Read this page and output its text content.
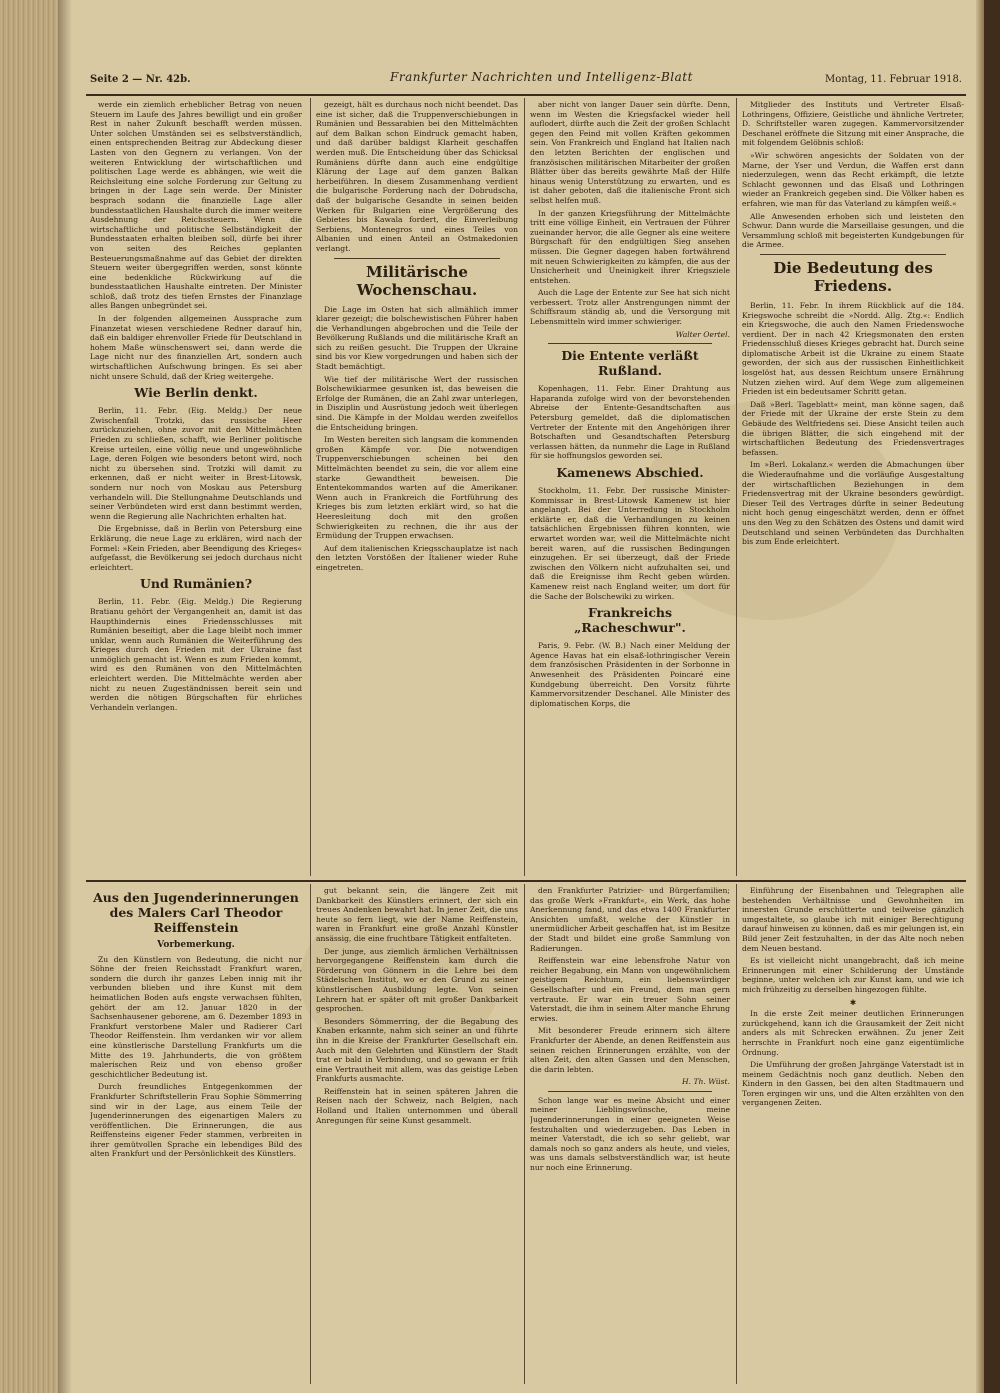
Seite 2 — Nr. 42b.	Frankfurter Nachrichten und Intelligenz-Blatt	Montag, 11. Februar 1918.

werde ein ziemlich erheblicher Betrag von neuen Steuern im Laufe des Jahres bewilligt und ein großer Rest in naher Zukunft beschafft werden müssen. Unter solchen Umständen sei es selbstverständlich, einen entsprechenden Beitrag zur Abdeckung dieser Lasten von den Gegnern zu verlangen. Von der weiteren Entwicklung der wirtschaftlichen und politischen Lage werde es abhängen, wie weit die Reichsleitung eine solche Forderung zur Geltung zu bringen in der Lage sein werde. Der Minister besprach sodann die finanzielle Lage aller bundesstaatlichen Haushalte durch die immer weitere Ausdehnung der Reichssteuern. Wenn die wirtschaftliche und politische Selbständigkeit der Bundesstaaten erhalten bleiben soll, dürfe bei ihrer von seiten des Reiches geplanten Besteuerungsmaßnahme auf das Gebiet der direkten Steuern weiter übergegriffen werden, sonst könnte eine bedenkliche Rückwirkung auf die bundesstaatlichen Haushalte eintreten. Der Minister schloß, daß trotz des tiefen Ernstes der Finanzlage alles Bangen unbegründet sei.

In der folgenden allgemeinen Aussprache zum Finanzetat wiesen verschiedene Redner darauf hin, daß ein baldiger ehrenvoller Friede für Deutschland in hohem Maße wünschenswert sei, dann werde die Lage nicht nur des finanziellen Art, sondern auch wirtschaftlichen Aufschwung bringen. Es sei aber nicht unsere Schuld, daß der Krieg weitergehe.

Wie Berlin denkt.

Berlin, 11. Febr. (Eig. Meldg.) Der neue Zwischenfall Trotzki, das russische Heer zurückzuziehen, ohne zuvor mit den Mittelmächten Frieden zu schließen, schafft, wie Berliner politische Kreise urteilen, eine völlig neue und ungewöhnliche Lage, deren Folgen wie besonders betont wird, noch nicht zu übersehen sind. Trotzki will damit zu erkennen, daß er nicht weiter in Brest-Litowsk, sondern nur noch von Moskau aus Petersburg verhandeln will. Die Stellungnahme Deutschlands und seiner Verbündeten wird erst dann bestimmt werden, wenn die Regierung alle Nachrichten erhalten hat.

Die Ergebnisse, daß in Berlin von Petersburg eine Erklärung, die neue Lage zu erklären, wird nach der Formel: »Kein Frieden, aber Beendigung des Krieges« aufgefasst, die Bevölkerung sei jedoch durchaus nicht erleichtert.

Und Rumänien?

Berlin, 11. Febr. (Eig. Meldg.) Die Regierung Bratianu gehört der Vergangenheit an, damit ist das Haupthindernis eines Friedensschlusses mit Rumänien beseitigt, aber die Lage bleibt noch immer unklar, wenn auch Rumänien die Weiterführung des Krieges durch den Frieden mit der Ukraine fast unmöglich gemacht ist. Wenn es zum Frieden kommt, wird es den Rumänen von den Mittelmächten erleichtert werden. Die Mittelmächte werden aber nicht zu neuen Zugeständnissen bereit sein und werden die nötigen Bürgschaften für ehrliches Verhandeln verlangen.

gezeigt, hält es durchaus noch nicht beendet. Das eine ist sicher, daß die Truppenverschiebungen in Rumänien und Bessarabien bei den Mittelmächten auf dem Balkan schon Eindruck gemacht haben, und daß darüber baldigst Klarheit geschaffen werden muß. Die Entscheidung über das Schicksal Rumäniens dürfte dann auch eine endgültige Klärung der Lage auf dem ganzen Balkan herbeiführen. In diesem Zusammenhang verdient die bulgarische Forderung nach der Dobrudscha, daß der bulgarische Gesandte in seinen beiden Werken für Bulgarien eine Vergrößerung des Gebietes bis Kawala fordert, die Einverleibung Serbiens, Montenegros und eines Teiles von Albanien und einen Anteil an Ostmakedonien verlangt.

Militärische Wochenschau.

Die Lage im Osten hat sich allmählich immer klarer gezeigt; die bolschewistischen Führer haben die Verhandlungen abgebrochen und die Teile der Bevölkerung Rußlands und die militärische Kraft an sich zu reißen gesucht. Die Truppen der Ukraine sind bis vor Kiew vorgedrungen und haben sich der Stadt bemächtigt.

Wie tief der militärische Wert der russischen Bolschewikiarmee gesunken ist, das beweisen die Erfolge der Rumänen, die an Zahl zwar unterlegen, in Disziplin und Ausrüstung jedoch weit überlegen sind. Die Kämpfe in der Moldau werden zweifellos die Entscheidung bringen.

Im Westen bereiten sich langsam die kommenden großen Kämpfe vor. Die notwendigen Truppenverschiebungen scheinen bei den Mittelmächten beendet zu sein, die vor allem eine starke Gewandtheit beweisen. Die Ententekommandos warten auf die Amerikaner. Wenn auch in Frankreich die Fortführung des Krieges bis zum letzten erklärt wird, so hat die Heeresleitung doch mit den großen Schwierigkeiten zu rechnen, die ihr aus der Ermüdung der Truppen erwachsen.

Auf dem italienischen Kriegsschauplatze ist nach den letzten Vorstößen der Italiener wieder Ruhe eingetreten.

aber nicht von langer Dauer sein dürfte. Denn, wenn im Westen die Kriegsfackel wieder hell auflodert, dürfte auch die Zeit der großen Schlacht gegen den Feind mit vollen Kräften gekommen sein. Von Frankreich und England hat Italien nach den letzten Berichten der englischen und französischen militärischen Mitarbeiter der großen Blätter über das bereits gewährte Maß der Hilfe hinaus wenig Unterstützung zu erwarten, und es ist daher geboten, daß die italienische Front sich selbst helfen muß.

In der ganzen Kriegsführung der Mittelmächte tritt eine völlige Einheit, ein Vertrauen der Führer zueinander hervor, die alle Gegner als eine weitere Bürgschaft für den endgültigen Sieg ansehen müssen. Die Gegner dagegen haben fortwährend mit neuen Schwierigkeiten zu kämpfen, die aus der Unsicherheit und Uneinigkeit ihrer Kriegsziele entstehen.

Auch die Lage der Entente zur See hat sich nicht verbessert. Trotz aller Anstrengungen nimmt der Schiffsraum ständig ab, und die Versorgung mit Lebensmitteln wird immer schwieriger.

Walter Oertel.

Die Entente verläßt Rußland.

Kopenhagen, 11. Febr. Einer Drahtung aus Haparanda zufolge wird von der bevorstehenden Abreise der Entente-Gesandtschaften aus Petersburg gemeldet, daß die diplomatischen Vertreter der Entente mit den Angehörigen ihrer Botschaften und Gesandtschaften Petersburg verlassen hätten, da nunmehr die Lage in Rußland für sie hoffnungslos geworden sei.

Kamenews Abschied.

Stockholm, 11. Febr. Der russische Minister-Kommissar in Brest-Litowsk Kamenew ist hier angelangt. Bei der Unterredung in Stockholm erklärte er, daß die Verhandlungen zu keinen tatsächlichen Ergebnissen führen konnten, wie erwartet worden war, weil die Mittelmächte nicht bereit waren, auf die russischen Bedingungen einzugehen. Er sei überzeugt, daß der Friede zwischen den Völkern nicht aufzuhalten sei, und daß die Ereignisse ihm Recht geben würden. Kamenew reist nach England weiter, um dort für die Sache der Bolschewiki zu wirken.

Frankreichs „Racheschwur".

Paris, 9. Febr. (W. B.) Nach einer Meldung der Agence Havas hat ein elsaß-lothringischer Verein dem französischen Präsidenten in der Sorbonne in Anwesenheit des Präsidenten Poincaré eine Kundgebung überreicht. Den Vorsitz führte Kammervorsitzender Deschanel. Alle Minister des diplomatischen Korps, die

Mitglieder des Instituts und Vertreter Elsaß-Lothringens, Offiziere, Geistliche und ähnliche Vertreter, D. Schriftsteller waren zugegen. Kammervorsitzender Deschanel eröffnete die Sitzung mit einer Ansprache, die mit folgendem Gelöbnis schloß:

»Wir schwören angesichts der Soldaten von der Marne, der Yser und Verdun, die Waffen erst dann niederzulegen, wenn das Recht erkämpft, die letzte Schlacht gewonnen und das Elsaß und Lothringen wieder an Frankreich gegeben sind. Die Völker haben es erfahren, wie man für das Vaterland zu kämpfen weiß.«

Alle Anwesenden erhoben sich und leisteten den Schwur. Dann wurde die Marseillaise gesungen, und die Versammlung schloß mit begeisterten Kundgebungen für die Armee.

Die Bedeutung des Friedens.

Berlin, 11. Febr. In ihrem Rückblick auf die 184. Kriegswoche schreibt die »Nordd. Allg. Ztg.«: Endlich ein Kriegswoche, die auch den Namen Friedenswoche verdient. Der in nach 42 Kriegsmonaten den ersten Friedensschluß dieses Krieges gebracht hat. Durch seine diplomatische Arbeit ist die Ukraine zu einem Staate geworden, der sich aus der russischen Einheitlichkeit losgelöst hat, aus dessen Reichtum unsere Ernährung Nutzen ziehen wird. Auf dem Wege zum allgemeinen Frieden ist ein bedeutsamer Schritt getan.

Daß »Berl. Tageblatt« meint, man könne sagen, daß der Friede mit der Ukraine der erste Stein zu dem Gebäude des Weltfriedens sei. Diese Ansicht teilen auch die übrigen Blätter, die sich eingehend mit der wirtschaftlichen Bedeutung des Friedensvertrages befassen.

Im »Berl. Lokalanz.« werden die Abmachungen über die Wiederaufnahme und die vorläufige Ausgestaltung der wirtschaftlichen Beziehungen in dem Friedensvertrag mit der Ukraine besonders gewürdigt. Dieser Teil des Vertrages dürfte in seiner Bedeutung nicht hoch genug eingeschätzt werden, denn er öffnet uns den Weg zu den Schätzen des Ostens und damit wird Deutschland und seinen Verbündeten das Durchhalten bis zum Ende erleichtert.

Aus den Jugenderinnerungen des Malers Carl Theodor Reiffenstein
Vorbemerkung.

Zu den Künstlern von Bedeutung, die nicht nur Söhne der freien Reichsstadt Frankfurt waren, sondern die durch ihr ganzes Leben innig mit ihr verbunden blieben und ihre Kunst mit dem heimatlichen Boden aufs engste verwachsen fühlten, gehört der am 12. Januar 1820 in der Sachsenhausener geborene, am 6. Dezember 1893 in Frankfurt verstorbene Maler und Radierer Carl Theodor Reiffenstein. Ihm verdanken wir vor allem eine künstlerische Darstellung Frankfurts um die Mitte des 19. Jahrhunderts, die von größtem malerischen Reiz und von ebenso großer geschichtlicher Bedeutung ist.

Durch freundliches Entgegenkommen der Frankfurter Schriftstellerin Frau Sophie Sömmerring sind wir in der Lage, aus einem Teile der Jugenderinnerungen des eigenartigen Malers zu veröffentlichen. Die Erinnerungen, die aus Reiffensteins eigener Feder stammen, verbreiten in ihrer gemütvollen Sprache ein lebendiges Bild des alten Frankfurt und der Persönlichkeit des Künstlers.

gut bekannt sein, die längere Zeit mit Dankbarkeit des Künstlers erinnert, der sich ein treues Andenken bewahrt hat. In jener Zeit, die uns heute so fern liegt, wie der Name Reiffenstein, waren in Frankfurt eine große Anzahl Künstler ansässig, die eine fruchtbare Tätigkeit entfalteten.

Der junge, aus ziemlich ärmlichen Verhältnissen hervorgegangene Reiffenstein kam durch die Förderung von Gönnern in die Lehre bei dem Städelschen Institut, wo er den Grund zu seiner künstlerischen Ausbildung legte. Von seinen Lehrern hat er später oft mit großer Dankbarkeit gesprochen.

Besonders Sömmerring, der die Begabung des Knaben erkannte, nahm sich seiner an und führte ihn in die Kreise der Frankfurter Gesellschaft ein. Auch mit den Gelehrten und Künstlern der Stadt trat er bald in Verbindung, und so gewann er früh eine Vertrautheit mit allem, was das geistige Leben Frankfurts ausmachte.

Reiffenstein hat in seinen späteren Jahren die Reisen nach der Schweiz, nach Belgien, nach Holland und Italien unternommen und überall Anregungen für seine Kunst gesammelt.

den Frankfurter Patrizier- und Bürgerfamilien; das große Werk »Frankfurt«, ein Werk, das hohe Anerkennung fand, und das etwa 1400 Frankfurter Ansichten umfaßt, welche der Künstler in unermüdlicher Arbeit geschaffen hat, ist im Besitze der Stadt und bildet eine große Sammlung von Radierungen.

Reiffenstein war eine lebensfrohe Natur von reicher Begabung, ein Mann von ungewöhnlichem geistigem Reichtum, ein liebenswürdiger Gesellschafter und ein Freund, dem man gern vertraute. Er war ein treuer Sohn seiner Vaterstadt, die ihm in seinem Alter manche Ehrung erwies.

Mit besonderer Freude erinnern sich ältere Frankfurter der Abende, an denen Reiffenstein aus seinen reichen Erinnerungen erzählte, von der alten Zeit, den alten Gassen und den Menschen, die darin lebten.

H. Th. Wüst.

Schon lange war es meine Absicht und einer meiner Lieblingswünsche, meine Jugenderinnerungen in einer geeigneten Weise festzuhalten und wiederzugeben. Das Leben in meiner Vaterstadt, die ich so sehr geliebt, war damals noch so ganz anders als heute, und vieles, was uns damals selbstverständlich war, ist heute nur noch eine Erinnerung.

Einführung der Eisenbahnen und Telegraphen alle bestehenden Verhältnisse und Gewohnheiten im innersten Grunde erschütterte und teilweise gänzlich umgestaltete, so glaube ich mit einiger Berechtigung darauf hinweisen zu können, daß es mir gelungen ist, ein Bild jener Zeit festzuhalten, in der das Alte noch neben dem Neuen bestand.

Es ist vielleicht nicht unangebracht, daß ich meine Erinnerungen mit einer Schilderung der Umstände beginne, unter welchen ich zur Kunst kam, und wie ich mich frühzeitig zu derselben hingezogen fühlte.

✱

In die erste Zeit meiner deutlichen Erinnerungen zurückgehend, kann ich die Grausamkeit der Zeit nicht anders als mit Schrecken erwähnen. Zu jener Zeit herrschte in Frankfurt noch eine ganz eigentümliche Ordnung.

Die Umführung der großen Jahrgänge Vaterstadt ist in meinem Gedächtnis noch ganz deutlich. Neben den Kindern in den Gassen, bei den alten Stadtmauern und Toren ergingen wir uns, und die Alten erzählten von den vergangenen Zeiten.
